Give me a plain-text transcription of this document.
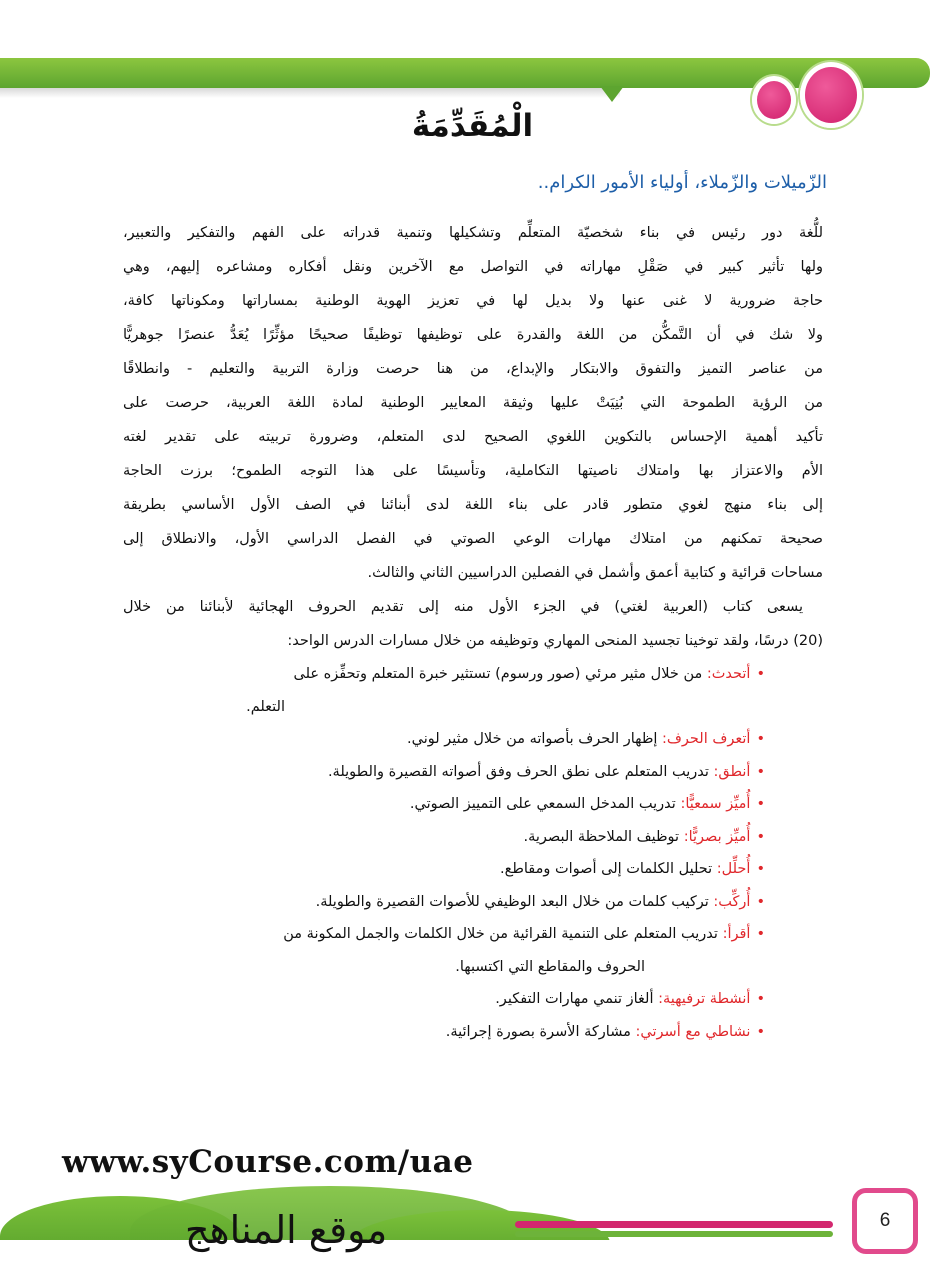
الْمُقَدِّمَةُ
الزّميلات والزّملاء، أولياء الأمور الكرام..
للُّغة دور رئيس في بناء شخصيّة المتعلِّم وتشكيلها وتنمية قدراته على الفهم والتفكير والتعبير،
ولها تأثير كبير في صَقْلِ مهاراته في التواصل مع الآخرين ونقل أفكاره ومشاعره إليهم، وهي
حاجة ضرورية لا غنى عنها ولا بديل لها في تعزيز الهوية الوطنية بمساراتها ومكوناتها كافة،
ولا شك في أن التَّمكُّن من اللغة والقدرة على توظيفها توظيفًا صحيحًا مؤثِّرًا يُعَدُّ عنصرًا جوهريًّا
من عناصر التميز والتفوق والابتكار والإبداع، من هنا حرصت وزارة التربية والتعليم - وانطلاقًا
من الرؤية الطموحة التي بُنِيَتْ عليها وثيقة المعايير الوطنية لمادة اللغة العربية، حرصت على
تأكيد أهمية الإحساس بالتكوين اللغوي الصحيح لدى المتعلم، وضرورة تربيته على تقدير لغته
الأم والاعتزاز بها وامتلاك ناصيتها التكاملية، وتأسيسًا على هذا التوجه الطموح؛ برزت الحاجة
إلى بناء منهج لغوي متطور قادر على بناء اللغة لدى أبنائنا في الصف الأول الأساسي بطريقة
صحيحة تمكنهم من امتلاك مهارات الوعي الصوتي في الفصل الدراسي الأول، والانطلاق إلى
مساحات قرائية و كتابية أعمق وأشمل في الفصلين الدراسيين الثاني والثالث.
يسعى كتاب (العربية لغتي) في الجزء الأول منه إلى تقديم الحروف الهجائية لأبنائنا من خلال
(20) درسًا، ولقد توخينا تجسيد المنحى المهاري وتوظيفه من خلال مسارات الدرس الواحد:
•أتحدث: من خلال مثير مرئي (صور ورسوم) تستثير خبرة المتعلم وتحفِّزه على
التعلم.
•أتعرف الحرف: إظهار الحرف بأصواته من خلال مثير لوني.
•أنطق: تدريب المتعلم على نطق الحرف وفق أصواته القصيرة والطويلة.
•أُميِّز سمعيًّا: تدريب المدخل السمعي على التمييز الصوتي.
•أُميِّز بصريًّا: توظيف الملاحظة البصرية.
•أُحلِّل: تحليل الكلمات إلى أصوات ومقاطع.
•أُركِّب: تركيب كلمات من خلال البعد الوظيفي للأصوات القصيرة والطويلة.
•أقرأ: تدريب المتعلم على التنمية القرائية من خلال الكلمات والجمل المكونة من
الحروف والمقاطع التي اكتسبها.
•أنشطة ترفيهية: ألغاز تنمي مهارات التفكير.
•نشاطي مع أسرتي: مشاركة الأسرة بصورة إجرائية.
www.syCourse.com/uae
6
موقع المناهج
